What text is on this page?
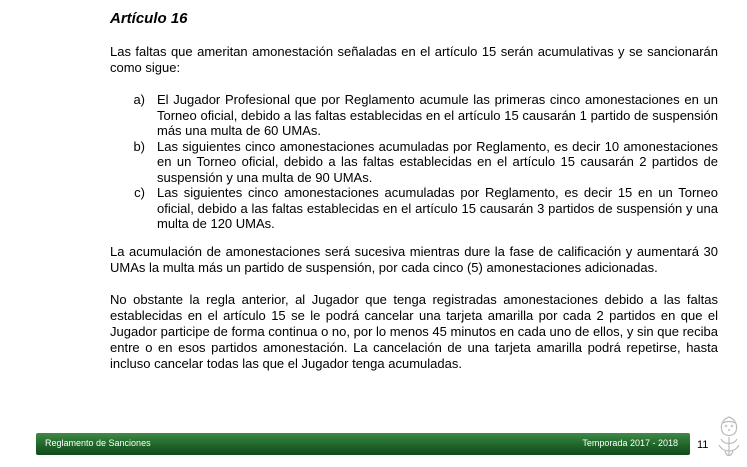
Artículo 16

Las faltas que ameritan amonestación señaladas en el artículo 15 serán acumulativas y se sancionarán como sigue:

a) El Jugador Profesional que por Reglamento acumule las primeras cinco amonestaciones en un Torneo oficial, debido a las faltas establecidas en el artículo 15 causarán 1 partido de suspensión más una multa de 60 UMAs.
b) Las siguientes cinco amonestaciones acumuladas por Reglamento, es decir 10 amonestaciones en un Torneo oficial, debido a las faltas establecidas en el artículo 15 causarán 2 partidos de suspensión y una multa de 90 UMAs.
c) Las siguientes cinco amonestaciones acumuladas por Reglamento, es decir 15 en un Torneo oficial, debido a las faltas establecidas en el artículo 15 causarán 3 partidos de suspensión y una multa de 120 UMAs.

La acumulación de amonestaciones será sucesiva mientras dure la fase de calificación y aumentará 30 UMAs la multa más un partido de suspensión, por cada cinco (5) amonestaciones adicionadas.

No obstante la regla anterior, al Jugador que tenga registradas amonestaciones debido a las faltas establecidas en el artículo 15 se le podrá cancelar una tarjeta amarilla por cada 2 partidos en que el Jugador participe de forma continua o no, por lo menos 45 minutos en cada uno de ellos, y sin que reciba entre o en esos partidos amonestación. La cancelación de una tarjeta amarilla podrá repetirse, hasta incluso cancelar todas las que el Jugador tenga acumuladas.

Reglamento de Sanciones	Temporada 2017 - 2018 11
